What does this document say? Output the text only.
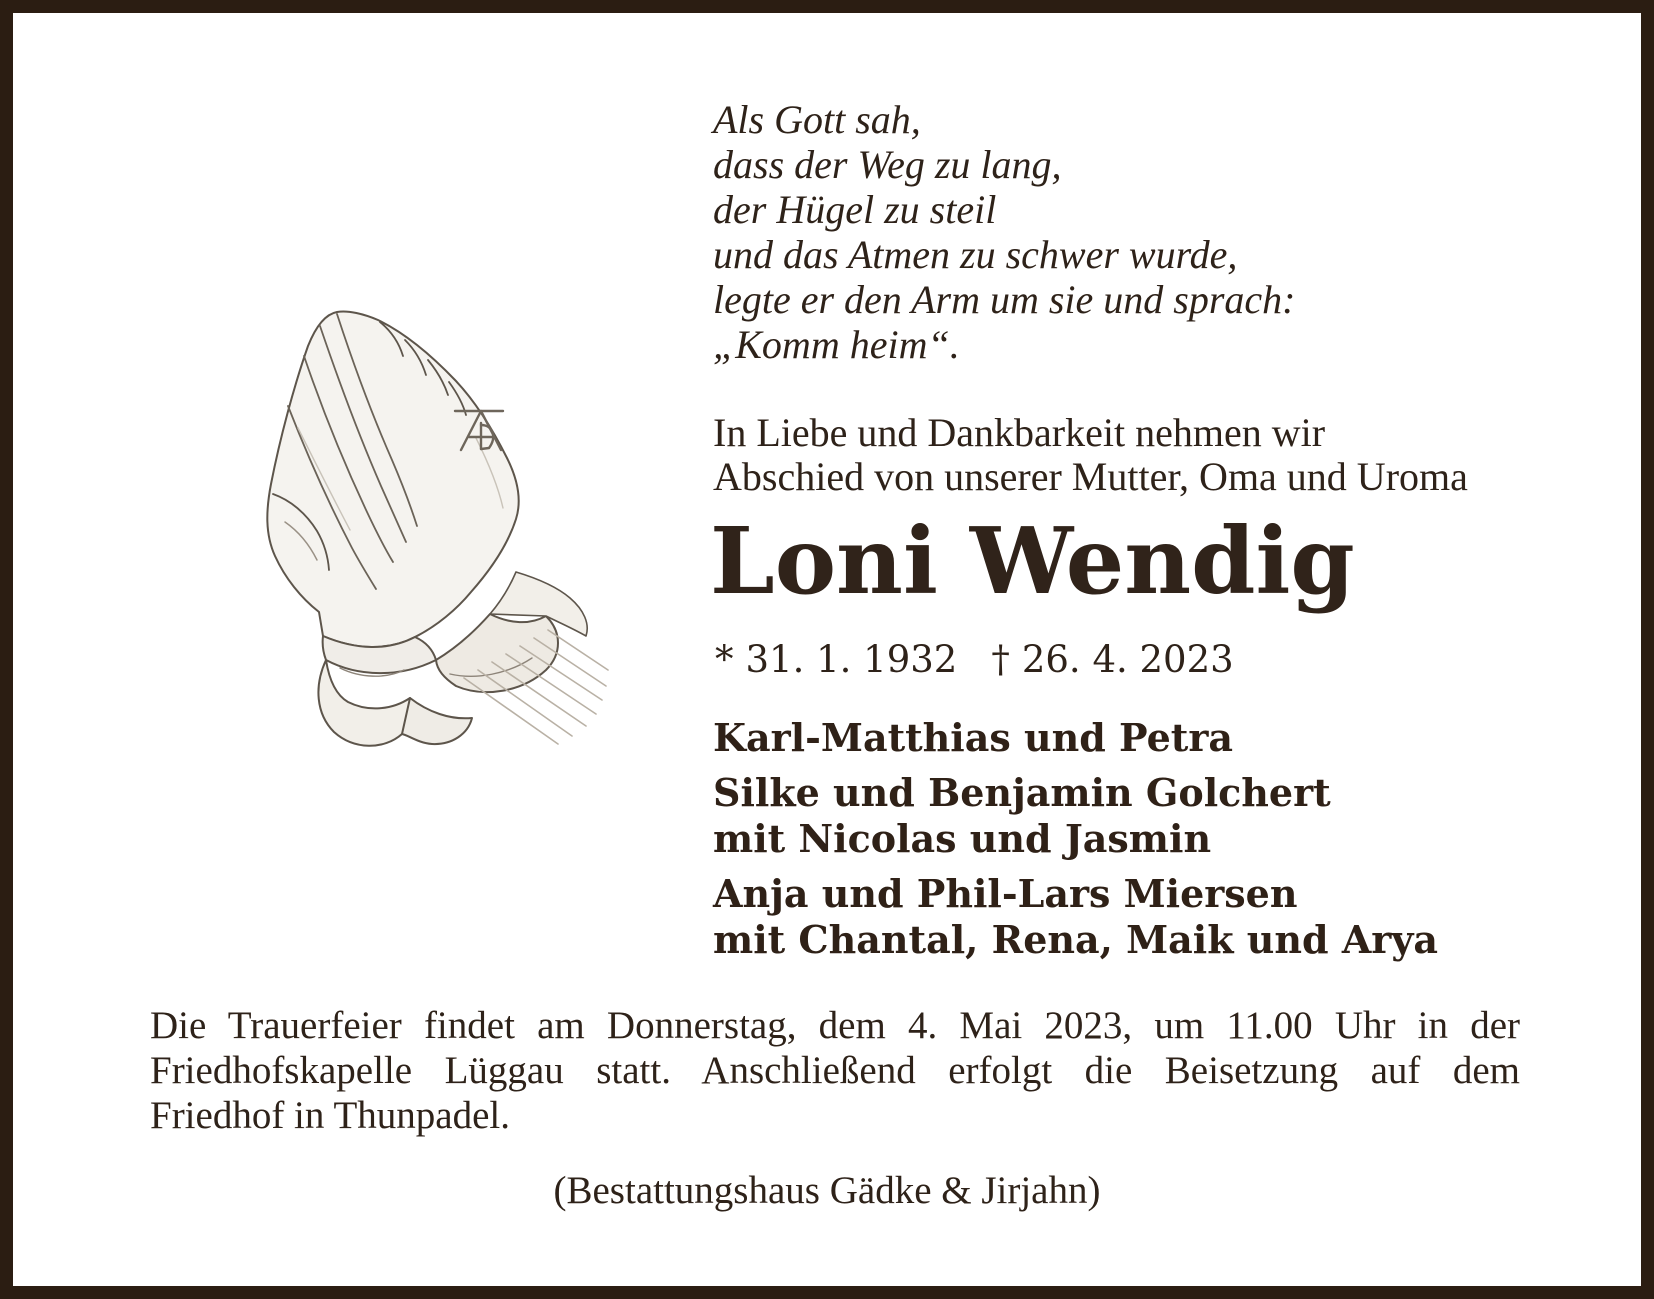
Als Gott sah,
dass der Weg zu lang,
der Hügel zu steil
und das Atmen zu schwer wurde,
legte er den Arm um sie und sprach:
„Komm heim“.
In Liebe und Dankbarkeit nehmen wir
Abschied von unserer Mutter, Oma und Uroma
Loni Wendig
* 31. 1. 1932 † 26. 4. 2023
Karl-Matthias und Petra
Silke und Benjamin Golchert
mit Nicolas und Jasmin
Anja und Phil-Lars Miersen
mit Chantal, Rena, Maik und Arya
Die Trauerfeier findet am Donnerstag, dem 4. Mai 2023, um 11.00 Uhr in der
Friedhofskapelle Lüggau statt. Anschließend erfolgt die Beisetzung auf dem
Friedhof in Thunpadel.
(Bestattungshaus Gädke & Jirjahn)
